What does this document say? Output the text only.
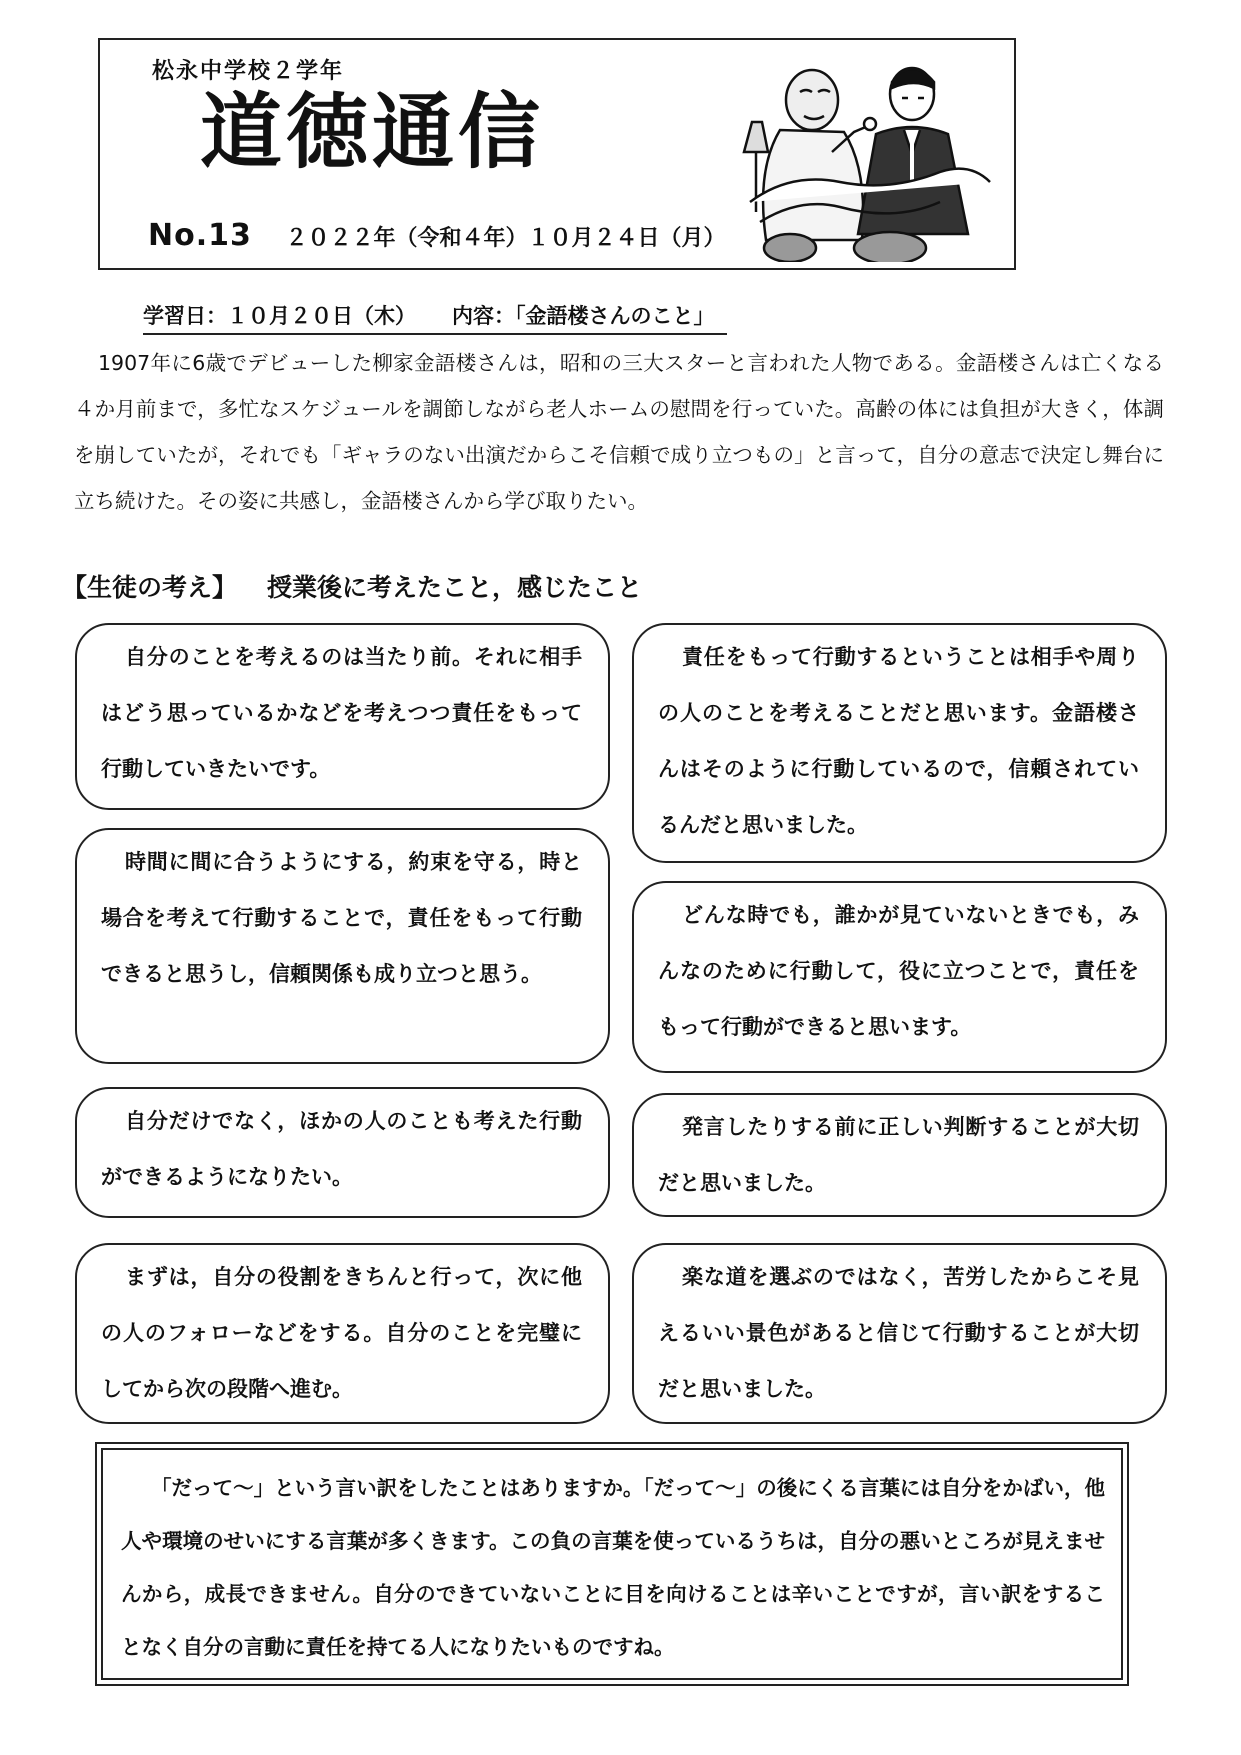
松永中学校２学年
道徳通信
No.13 ２０２２年（令和４年）１０月２４日（月）
学習日：１０月２０日（木） 内容：「金語楼さんのこと」
1907年に6歳でデビューした柳家金語楼さんは，昭和の三大スターと言われた人物である。金語楼さんは亡くなる４か月前まで，多忙なスケジュールを調節しながら老人ホームの慰問を行っていた。高齢の体には負担が大きく，体調を崩していたが，それでも「ギャラのない出演だからこそ信頼で成り立つもの」と言って，自分の意志で決定し舞台に立ち続けた。その姿に共感し，金語楼さんから学び取りたい。
【生徒の考え】 授業後に考えたこと，感じたこと
自分のことを考えるのは当たり前。それに相手はどう思っているかなどを考えつつ責任をもって行動していきたいです。
責任をもって行動するということは相手や周りの人のことを考えることだと思います。金語楼さんはそのように行動しているので，信頼されているんだと思いました。
時間に間に合うようにする，約束を守る，時と場合を考えて行動することで，責任をもって行動できると思うし，信頼関係も成り立つと思う。
どんな時でも，誰かが見ていないときでも，みんなのために行動して，役に立つことで，責任をもって行動ができると思います。
自分だけでなく，ほかの人のことも考えた行動ができるようになりたい。
発言したりする前に正しい判断することが大切だと思いました。
まずは，自分の役割をきちんと行って，次に他の人のフォローなどをする。自分のことを完璧にしてから次の段階へ進む。
楽な道を選ぶのではなく，苦労したからこそ見えるいい景色があると信じて行動することが大切だと思いました。
「だって～」という言い訳をしたことはありますか。「だって～」の後にくる言葉には自分をかばい，他人や環境のせいにする言葉が多くきます。この負の言葉を使っているうちは，自分の悪いところが見えませんから，成長できません。自分のできていないことに目を向けることは辛いことですが，言い訳をすることなく自分の言動に責任を持てる人になりたいものですね。
